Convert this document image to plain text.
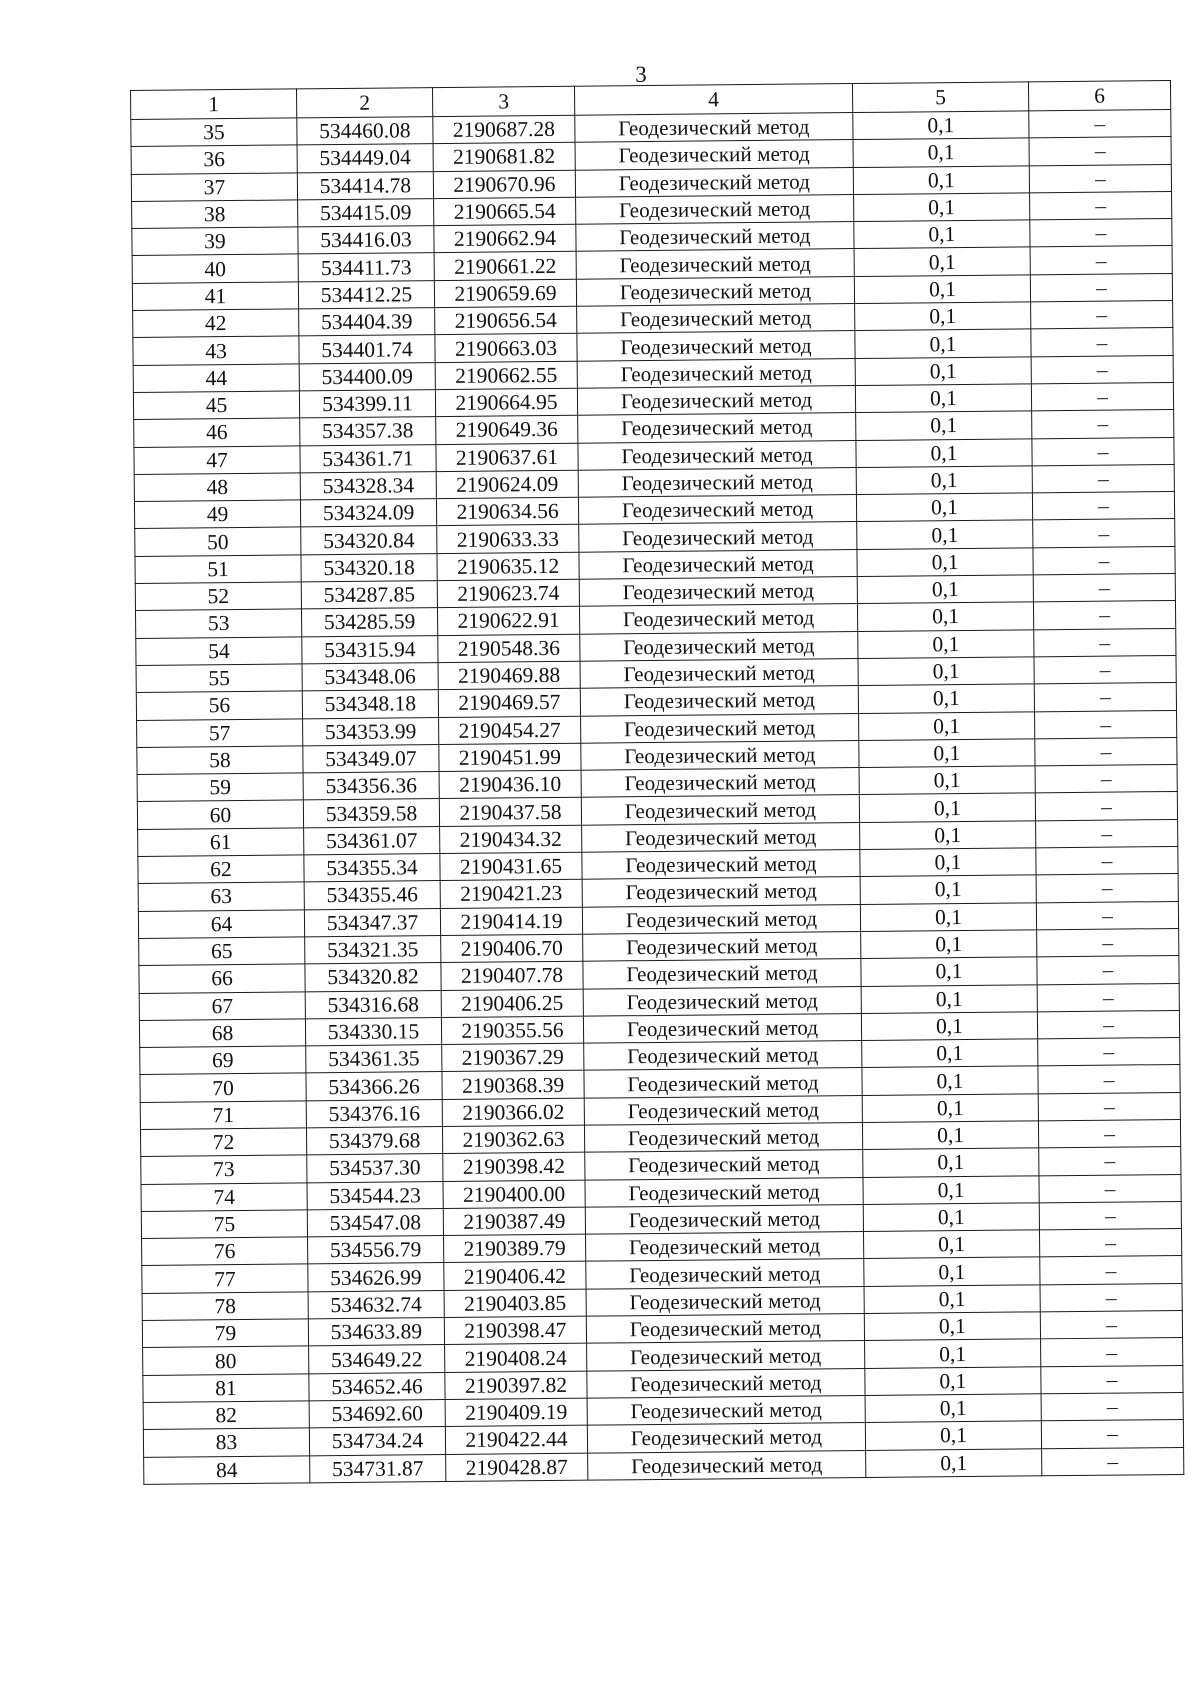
3
1	2	3	4	5	6
35	534460.08	2190687.28	Геодезический метод	0,1	–
36	534449.04	2190681.82	Геодезический метод	0,1	–
37	534414.78	2190670.96	Геодезический метод	0,1	–
38	534415.09	2190665.54	Геодезический метод	0,1	–
39	534416.03	2190662.94	Геодезический метод	0,1	–
40	534411.73	2190661.22	Геодезический метод	0,1	–
41	534412.25	2190659.69	Геодезический метод	0,1	–
42	534404.39	2190656.54	Геодезический метод	0,1	–
43	534401.74	2190663.03	Геодезический метод	0,1	–
44	534400.09	2190662.55	Геодезический метод	0,1	–
45	534399.11	2190664.95	Геодезический метод	0,1	–
46	534357.38	2190649.36	Геодезический метод	0,1	–
47	534361.71	2190637.61	Геодезический метод	0,1	–
48	534328.34	2190624.09	Геодезический метод	0,1	–
49	534324.09	2190634.56	Геодезический метод	0,1	–
50	534320.84	2190633.33	Геодезический метод	0,1	–
51	534320.18	2190635.12	Геодезический метод	0,1	–
52	534287.85	2190623.74	Геодезический метод	0,1	–
53	534285.59	2190622.91	Геодезический метод	0,1	–
54	534315.94	2190548.36	Геодезический метод	0,1	–
55	534348.06	2190469.88	Геодезический метод	0,1	–
56	534348.18	2190469.57	Геодезический метод	0,1	–
57	534353.99	2190454.27	Геодезический метод	0,1	–
58	534349.07	2190451.99	Геодезический метод	0,1	–
59	534356.36	2190436.10	Геодезический метод	0,1	–
60	534359.58	2190437.58	Геодезический метод	0,1	–
61	534361.07	2190434.32	Геодезический метод	0,1	–
62	534355.34	2190431.65	Геодезический метод	0,1	–
63	534355.46	2190421.23	Геодезический метод	0,1	–
64	534347.37	2190414.19	Геодезический метод	0,1	–
65	534321.35	2190406.70	Геодезический метод	0,1	–
66	534320.82	2190407.78	Геодезический метод	0,1	–
67	534316.68	2190406.25	Геодезический метод	0,1	–
68	534330.15	2190355.56	Геодезический метод	0,1	–
69	534361.35	2190367.29	Геодезический метод	0,1	–
70	534366.26	2190368.39	Геодезический метод	0,1	–
71	534376.16	2190366.02	Геодезический метод	0,1	–
72	534379.68	2190362.63	Геодезический метод	0,1	–
73	534537.30	2190398.42	Геодезический метод	0,1	–
74	534544.23	2190400.00	Геодезический метод	0,1	–
75	534547.08	2190387.49	Геодезический метод	0,1	–
76	534556.79	2190389.79	Геодезический метод	0,1	–
77	534626.99	2190406.42	Геодезический метод	0,1	–
78	534632.74	2190403.85	Геодезический метод	0,1	–
79	534633.89	2190398.47	Геодезический метод	0,1	–
80	534649.22	2190408.24	Геодезический метод	0,1	–
81	534652.46	2190397.82	Геодезический метод	0,1	–
82	534692.60	2190409.19	Геодезический метод	0,1	–
83	534734.24	2190422.44	Геодезический метод	0,1	–
84	534731.87	2190428.87	Геодезический метод	0,1	–
